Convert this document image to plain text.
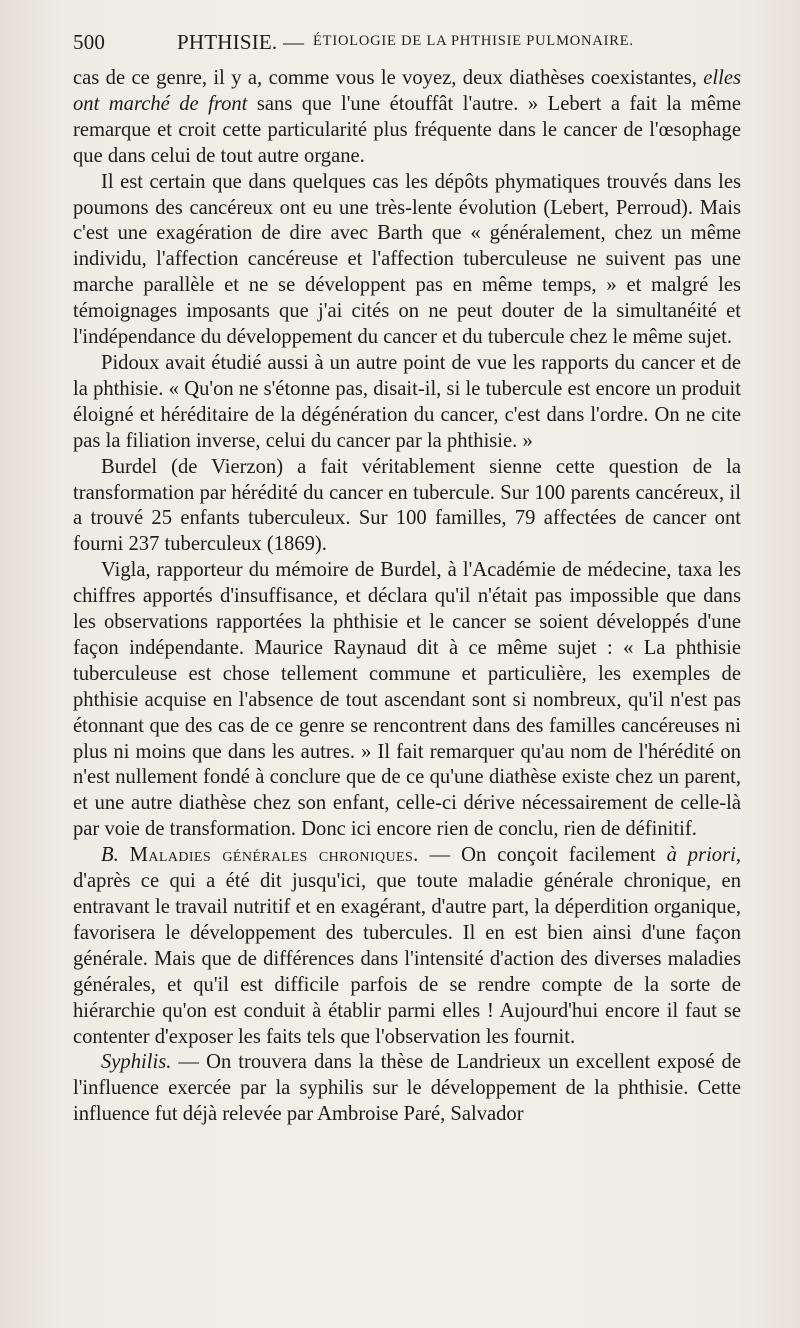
500	PHTHISIE. — ÉTIOLOGIE DE LA PHTHISIE PULMONAIRE.

cas de ce genre, il y a, comme vous le voyez, deux diathèses coexistantes, elles ont marché de front sans que l'une étouffât l'autre. » Lebert a fait la même remarque et croit cette particularité plus fréquente dans le cancer de l'œsophage que dans celui de tout autre organe.

Il est certain que dans quelques cas les dépôts phymatiques trouvés dans les poumons des cancéreux ont eu une très-lente évolution (Lebert, Perroud). Mais c'est une exagération de dire avec Barth que « généralement, chez un même individu, l'affection cancéreuse et l'affection tuberculeuse ne suivent pas une marche parallèle et ne se développent pas en même temps, » et malgré les témoignages imposants que j'ai cités on ne peut douter de la simultanéité et l'indépendance du développement du cancer et du tubercule chez le même sujet.

Pidoux avait étudié aussi à un autre point de vue les rapports du cancer et de la phthisie. « Qu'on ne s'étonne pas, disait-il, si le tubercule est encore un produit éloigné et héréditaire de la dégénération du cancer, c'est dans l'ordre. On ne cite pas la filiation inverse, celui du cancer par la phthisie. »

Burdel (de Vierzon) a fait véritablement sienne cette question de la transformation par hérédité du cancer en tubercule. Sur 100 parents cancéreux, il a trouvé 25 enfants tuberculeux. Sur 100 familles, 79 affectées de cancer ont fourni 237 tuberculeux (1869).

Vigla, rapporteur du mémoire de Burdel, à l'Académie de médecine, taxa les chiffres apportés d'insuffisance, et déclara qu'il n'était pas impossible que dans les observations rapportées la phthisie et le cancer se soient développés d'une façon indépendante. Maurice Raynaud dit à ce même sujet : « La phthisie tuberculeuse est chose tellement commune et particulière, les exemples de phthisie acquise en l'absence de tout ascendant sont si nombreux, qu'il n'est pas étonnant que des cas de ce genre se rencontrent dans des familles cancéreuses ni plus ni moins que dans les autres. » Il fait remarquer qu'au nom de l'hérédité on n'est nullement fondé à conclure que de ce qu'une diathèse existe chez un parent, et une autre diathèse chez son enfant, celle-ci dérive nécessairement de celle-là par voie de transformation. Donc ici encore rien de conclu, rien de définitif.

B. Maladies générales chroniques. — On conçoit facilement à priori, d'après ce qui a été dit jusqu'ici, que toute maladie générale chronique, en entravant le travail nutritif et en exagérant, d'autre part, la déperdition organique, favorisera le développement des tubercules. Il en est bien ainsi d'une façon générale. Mais que de différences dans l'intensité d'action des diverses maladies générales, et qu'il est difficile parfois de se rendre compte de la sorte de hiérarchie qu'on est conduit à établir parmi elles ! Aujourd'hui encore il faut se contenter d'exposer les faits tels que l'observation les fournit.

Syphilis. — On trouvera dans la thèse de Landrieux un excellent exposé de l'influence exercée par la syphilis sur le développement de la phthisie. Cette influence fut déjà relevée par Ambroise Paré, Salvador
